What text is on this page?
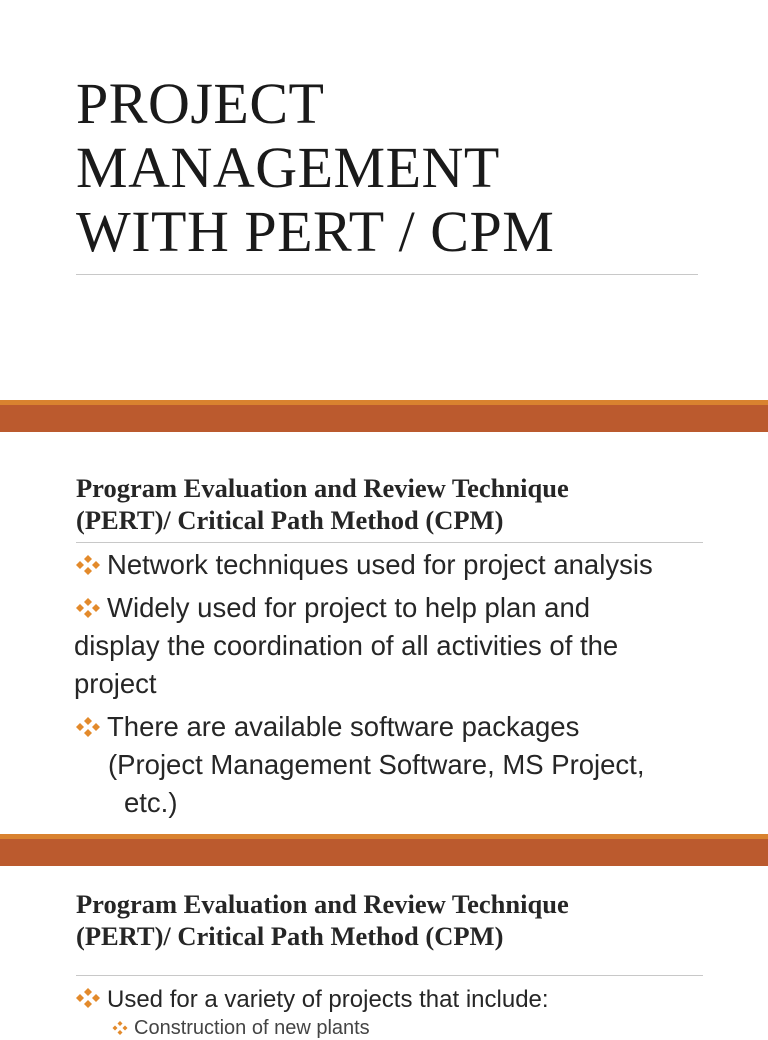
PROJECT
MANAGEMENT
WITH PERT / CPM
Program Evaluation and Review Technique
(PERT)/ Critical Path Method (CPM)
Network techniques used for project analysis
Widely used for project to help plan and
display the coordination of all activities of the
project
There are available software packages
(Project Management Software, MS Project,
etc.)
Program Evaluation and Review Technique
(PERT)/ Critical Path Method (CPM)
Used for a variety of projects that include:
Construction of new plants
